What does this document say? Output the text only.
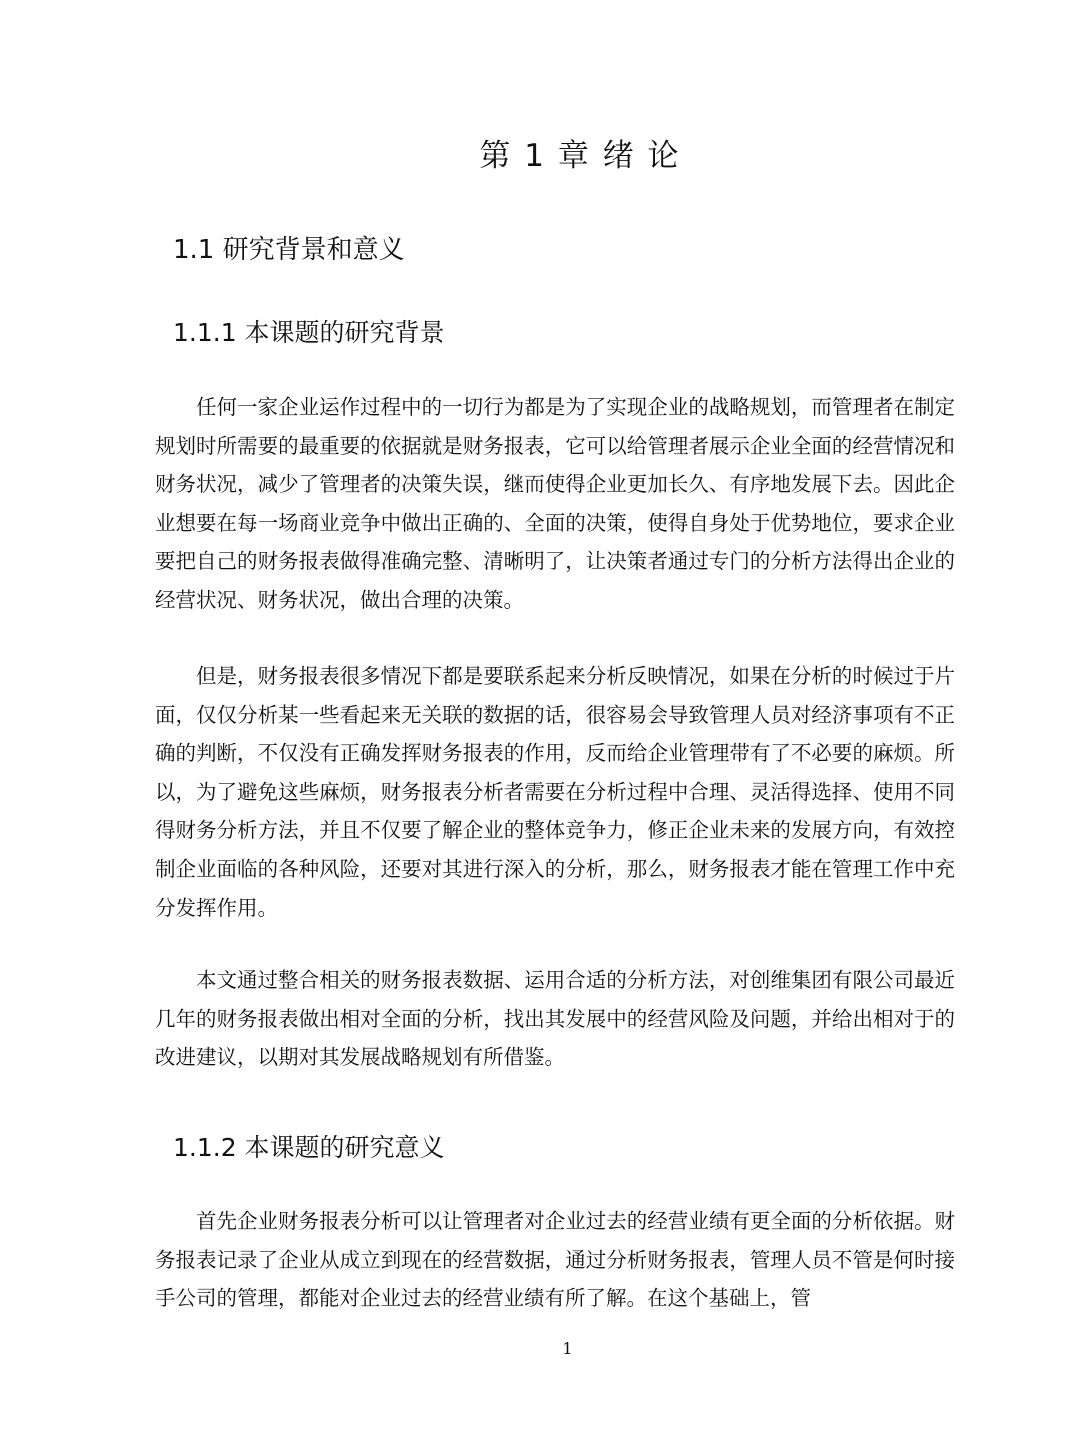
第 1 章 绪 论
1.1 研究背景和意义
1.1.1 本课题的研究背景

任何一家企业运作过程中的一切行为都是为了实现企业的战略规划，而管理者在制定规划时所需要的最重要的依据就是财务报表，它可以给管理者展示企业全面的经营情况和财务状况，减少了管理者的决策失误，继而使得企业更加长久、有序地发展下去。因此企业想要在每一场商业竞争中做出正确的、全面的决策，使得自身处于优势地位，要求企业要把自己的财务报表做得准确完整、清晰明了，让决策者通过专门的分析方法得出企业的经营状况、财务状况，做出合理的决策。

但是，财务报表很多情况下都是要联系起来分析反映情况，如果在分析的时候过于片面，仅仅分析某一些看起来无关联的数据的话，很容易会导致管理人员对经济事项有不正确的判断，不仅没有正确发挥财务报表的作用，反而给企业管理带有了不必要的麻烦。所以，为了避免这些麻烦，财务报表分析者需要在分析过程中合理、灵活得选择、使用不同得财务分析方法，并且不仅要了解企业的整体竞争力，修正企业未来的发展方向，有效控制企业面临的各种风险，还要对其进行深入的分析，那么，财务报表才能在管理工作中充分发挥作用。

本文通过整合相关的财务报表数据、运用合适的分析方法，对创维集团有限公司最近几年的财务报表做出相对全面的分析，找出其发展中的经营风险及问题，并给出相对于的改进建议，以期对其发展战略规划有所借鉴。

1.1.2 本课题的研究意义

首先企业财务报表分析可以让管理者对企业过去的经营业绩有更全面的分析依据。财务报表记录了企业从成立到现在的经营数据，通过分析财务报表，管理人员不管是何时接手公司的管理，都能对企业过去的经营业绩有所了解。在这个基础上，管

1
